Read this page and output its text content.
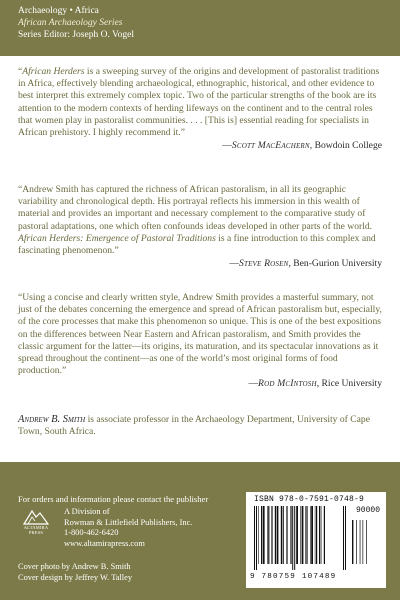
Archaeology • Africa
African Archaeology Series
Series Editor: Joseph O. Vogel

“African Herders is a sweeping survey of the origins and development of pastoralist traditions in Africa, effectively blending archaeological, ethnographic, historical, and other evidence to best interpret this extremely complex topic. Two of the particular strengths of the book are its attention to the modern contexts of herding lifeways on the continent and to the central roles that women play in pastoralist communities. . . . [This is] essential reading for specialists in African prehistory. I highly recommend it.”

—Scott MacEachern, Bowdoin College

“Andrew Smith has captured the richness of African pastoralism, in all its geographic variability and chronological depth. His portrayal reflects his immersion in this wealth of material and provides an important and necessary complement to the comparative study of pastoral adaptations, one which often confounds ideas developed in other parts of the world. African Herders: Emergence of Pastoral Traditions is a fine introduction to this complex and fascinating phenomenon.”

—Steve Rosen, Ben-Gurion University

“Using a concise and clearly written style, Andrew Smith provides a masterful summary, not just of the debates concerning the emergence and spread of African pastoralism but, especially, of the core processes that make this phenomenon so unique. This is one of the best expositions on the differences between Near Eastern and African pastoralism, and Smith provides the classic argument for the latter—its origins, its maturation, and its spectacular innovations as it spread throughout the continent—as one of the world’s most original forms of food production.”

—Rod McIntosh, Rice University
Andrew B. Smith is associate professor in the Archaeology Department, University of Cape Town, South Africa.
For orders and information please contact the publisher
ALTAMIRA PRESS
A Division of
Rowman & Littlefield Publishers, Inc.
1-800-462-6420
www.altamirapress.com
Cover photo by Andrew B. Smith
Cover design by Jeffrey W. Talley
ISBN 978-0-7591-0748-9
90000
9 780759 107489
